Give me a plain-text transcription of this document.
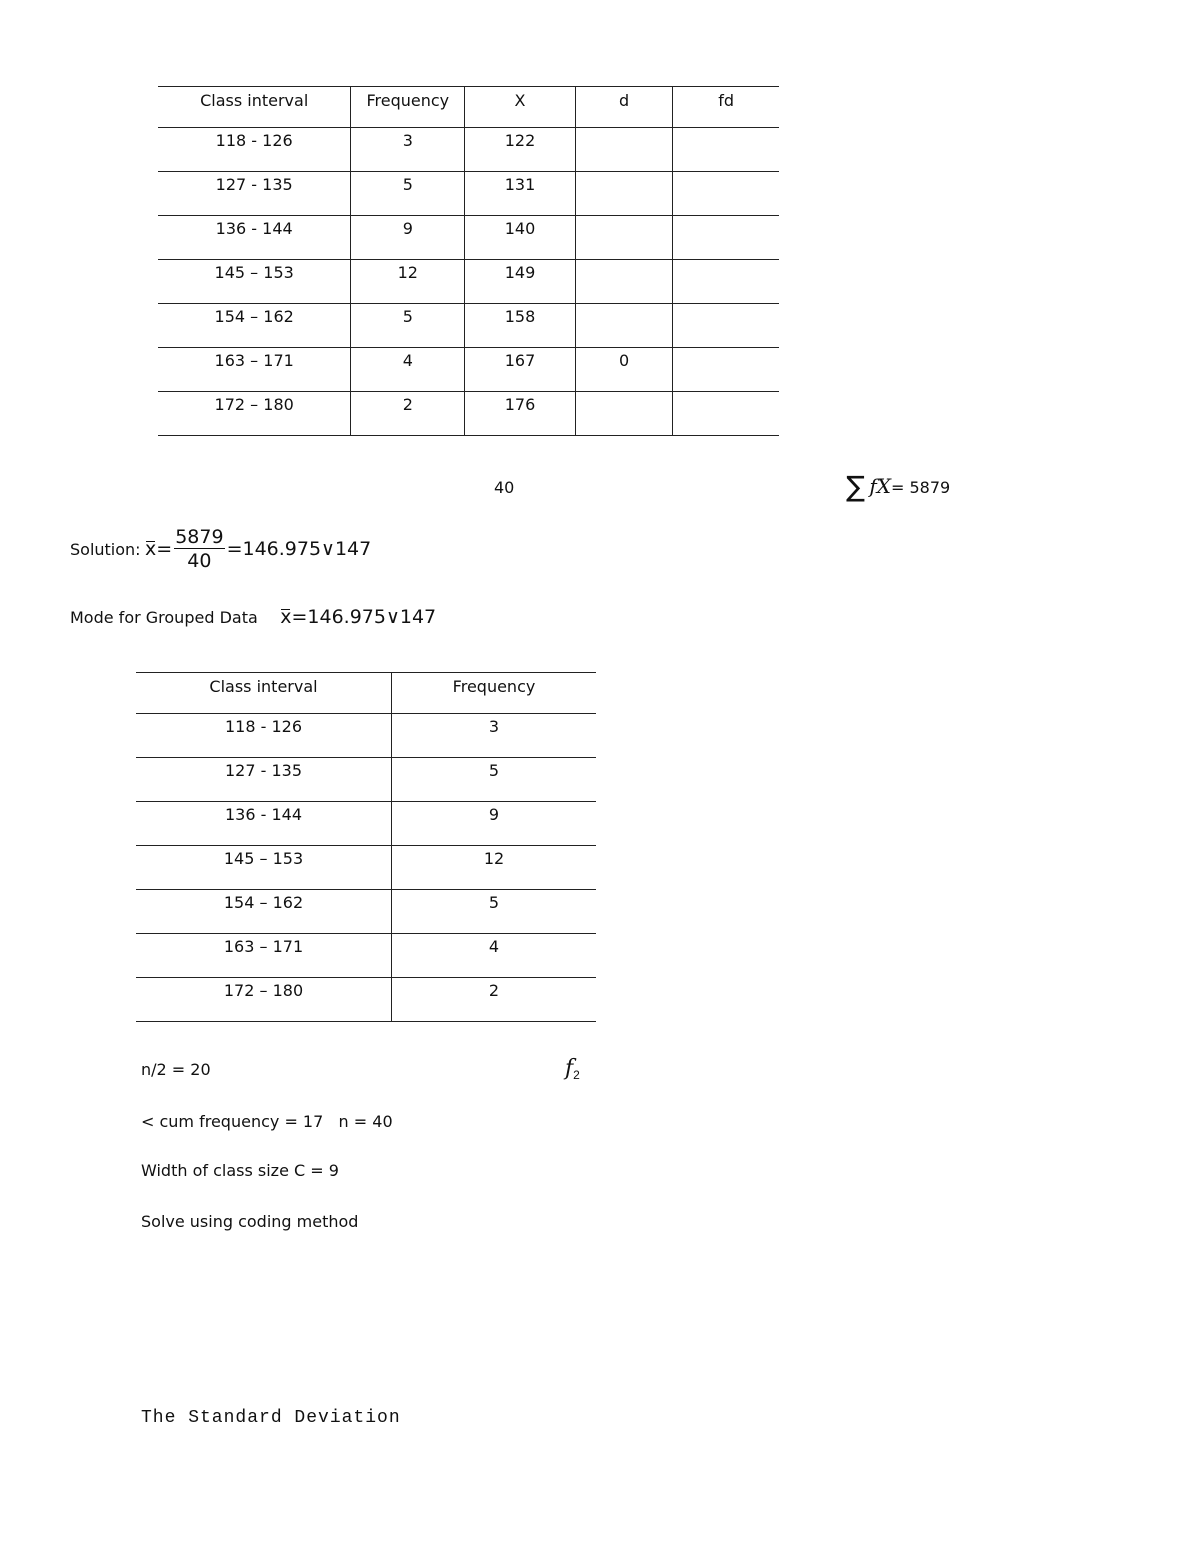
Class interval	Frequency	X	d	fd
118 - 126	3	122		
127 - 135	5	131		
136 - 144	9	140		
145 – 153	12	149		
154 – 162	5	158		
163 – 171	4	167	0	
172 – 180	2	176		
40	∑ fX= 5879
Solution: $x= \frac{5879}{40}$ =146.975∨147
Mode for Grouped Data x=146.975∨147
Class interval	Frequency
118 - 126	3
127 - 135	5
136 - 144	9
145 – 153	12
154 – 162	5
163 – 171	4
172 – 180	2
n/2 = 20	$f_2$
< cum frequency = 17   n = 40
Width of class size C = 9
Solve using coding method
The Standard Deviation
